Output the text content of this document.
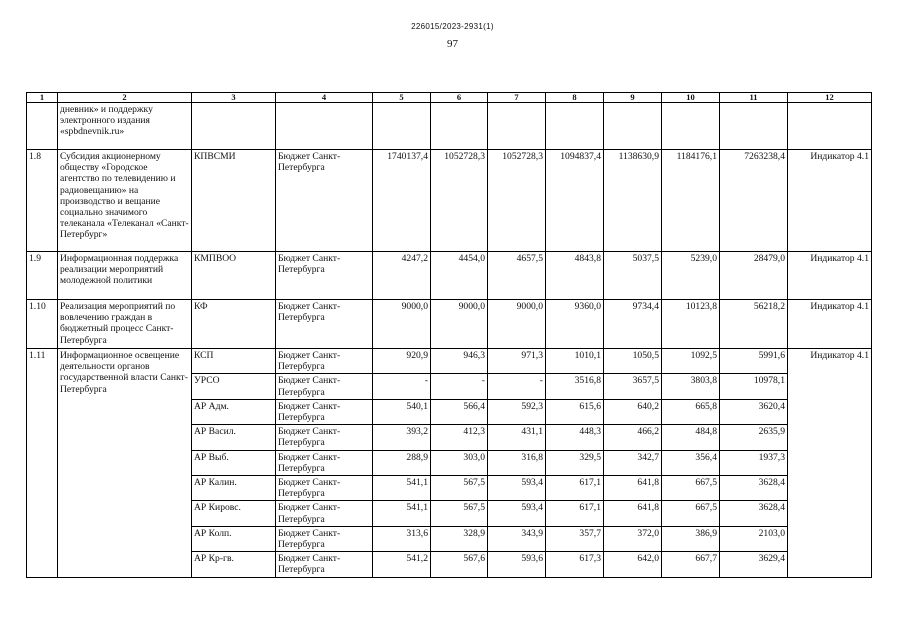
226015/2023-2931(1)
97
1	2	3	4	5	6	7	8	9	10	11	12
	дневник» и поддержку электронного издания «spbdnevnik.ru»										
1.8	Субсидия акционерному обществу «Городское агентство по телевидению и радиовещанию» на производство и вещание социально значимого телеканала «Телеканал «Санкт-Петербург»	КПВСМИ	Бюджет Санкт-Петербурга	1740137,4	1052728,3	1052728,3	1094837,4	1138630,9	1184176,1	7263238,4	Индикатор 4.1
1.9	Информационная поддержка реализации мероприятий молодежной политики	КМПВОО	Бюджет Санкт-Петербурга	4247,2	4454,0	4657,5	4843,8	5037,5	5239,0	28479,0	Индикатор 4.1
1.10	Реализация мероприятий по вовлечению граждан в бюджетный процесс Санкт-Петербурга	КФ	Бюджет Санкт-Петербурга	9000,0	9000,0	9000,0	9360,0	9734,4	10123,8	56218,2	Индикатор 4.1
1.11	Информационное освещение деятельности органов государственной власти Санкт-Петербурга	КСП	Бюджет Санкт-Петербурга	920,9	946,3	971,3	1010,1	1050,5	1092,5	5991,6	Индикатор 4.1
		УРСО	Бюджет Санкт-Петербурга	-	-	-	3516,8	3657,5	3803,8	10978,1	
		АР Адм.	Бюджет Санкт-Петербурга	540,1	566,4	592,3	615,6	640,2	665,8	3620,4	
		АР Васил.	Бюджет Санкт-Петербурга	393,2	412,3	431,1	448,3	466,2	484,8	2635,9	
		АР Выб.	Бюджет Санкт-Петербурга	288,9	303,0	316,8	329,5	342,7	356,4	1937,3	
		АР Калин.	Бюджет Санкт-Петербурга	541,1	567,5	593,4	617,1	641,8	667,5	3628,4	
		АР Кировс.	Бюджет Санкт-Петербурга	541,1	567,5	593,4	617,1	641,8	667,5	3628,4	
		АР Колп.	Бюджет Санкт-Петербурга	313,6	328,9	343,9	357,7	372,0	386,9	2103,0	
		АР Кр-гв.	Бюджет Санкт-Петербурга	541,2	567,6	593,6	617,3	642,0	667,7	3629,4	
